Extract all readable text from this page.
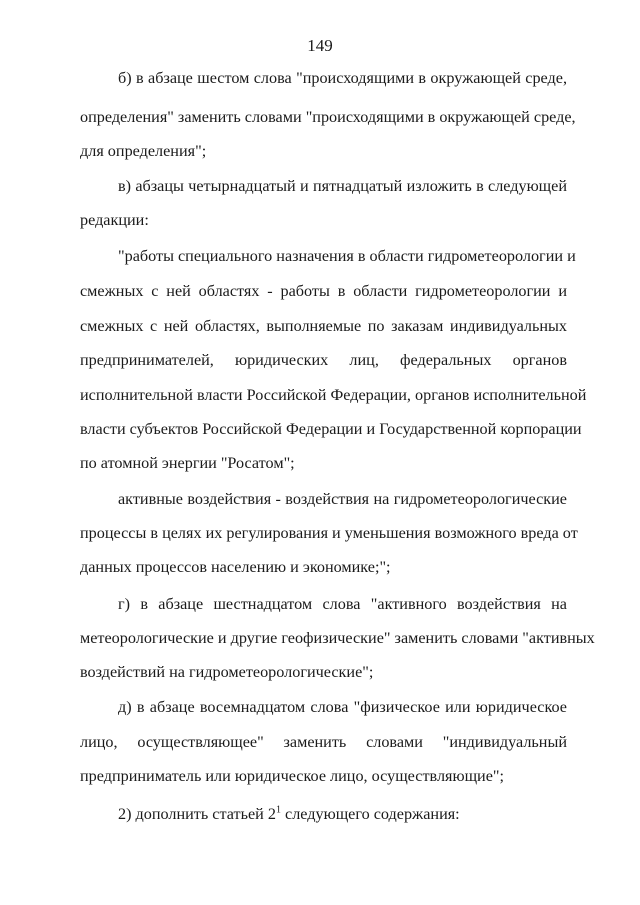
149
б) в абзаце шестом слова "происходящими в окружающей среде,
определения" заменить словами "происходящими в окружающей среде,
для определения";
в) абзацы четырнадцатый и пятнадцатый изложить в следующей
редакции:
"работы специального назначения в области гидрометеорологии и
смежных с ней областях - работы в области гидрометеорологии и
смежных с ней областях, выполняемые по заказам индивидуальных
предпринимателей, юридических лиц, федеральных органов
исполнительной власти Российской Федерации, органов исполнительной
власти субъектов Российской Федерации и Государственной корпорации
по атомной энергии "Росатом";
активные воздействия - воздействия на гидрометеорологические
процессы в целях их регулирования и уменьшения возможного вреда от
данных процессов населению и экономике;";
г) в абзаце шестнадцатом слова "активного воздействия на
метеорологические и другие геофизические" заменить словами "активных
воздействий на гидрометеорологические";
д) в абзаце восемнадцатом слова "физическое или юридическое
лицо, осуществляющее" заменить словами "индивидуальный
предприниматель или юридическое лицо, осуществляющие";
2) дополнить статьей $2^1$ следующего содержания:
